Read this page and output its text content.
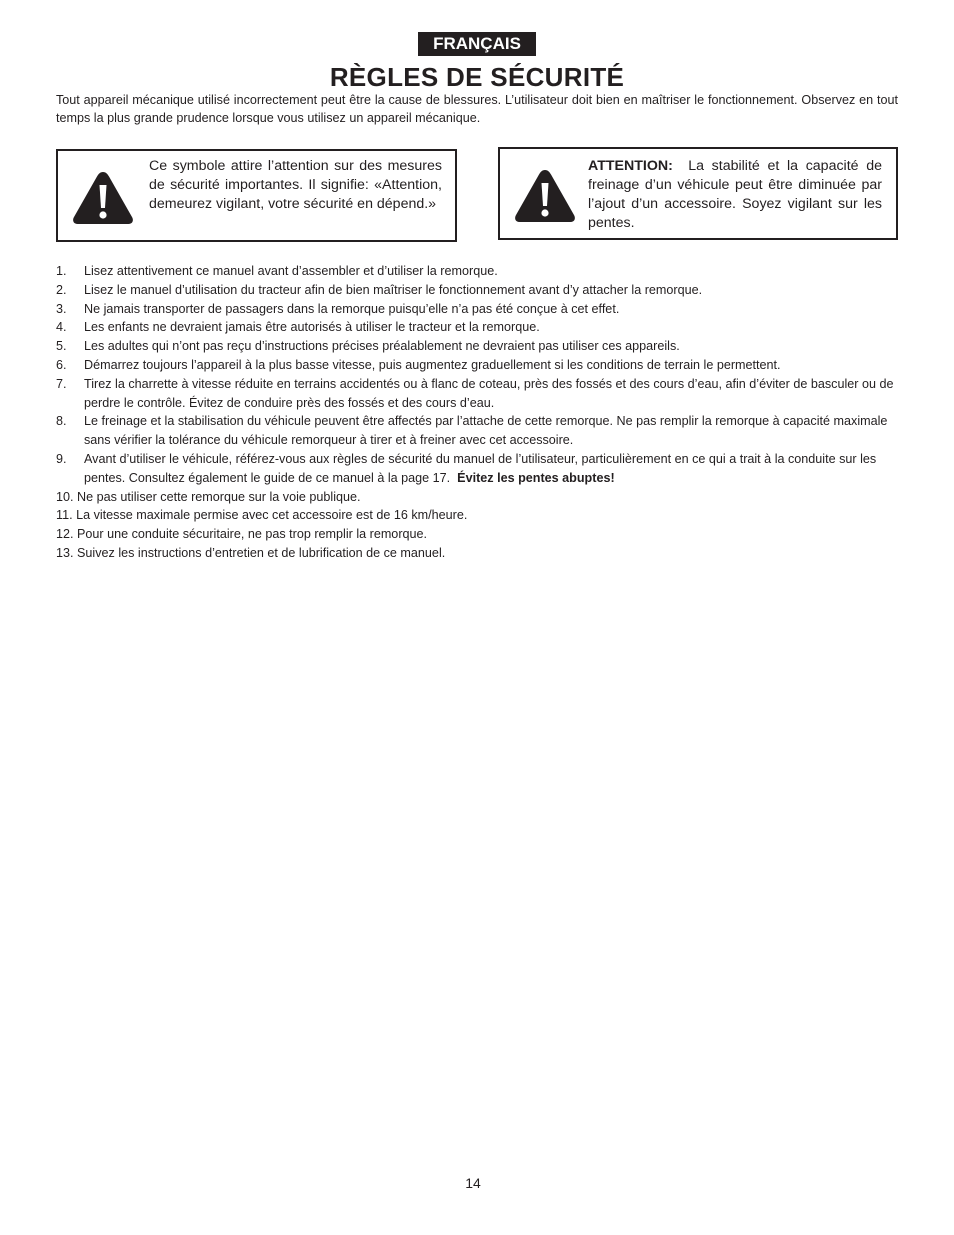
FRANÇAIS
RÈGLES DE SÉCURITÉ
Tout appareil mécanique utilisé incorrectement peut être la cause de blessures. L’utilisateur doit bien en maîtriser le fonctionnement. Observez en tout temps la plus grande prudence lorsque vous utilisez un appareil mécanique.
Ce symbole attire l’attention sur des mesures de sécurité importantes. Il signifie: «Attention, demeurez vigilant, votre sécurité en dépend.»
ATTENTION: La stabilité et la capacité de freinage d’un véhicule peut être diminuée par l’ajout d’un accessoire. Soyez vigilant sur les pentes.
1. Lisez attentivement ce manuel avant d’assembler et d’utiliser la remorque.
2. Lisez le manuel d’utilisation du tracteur afin de bien maîtriser le fonctionnement avant d’y attacher la remorque.
3. Ne jamais transporter de passagers dans la remorque puisqu’elle n’a pas été conçue à cet effet.
4. Les enfants ne devraient jamais être autorisés à utiliser le tracteur et la remorque.
5. Les adultes qui n’ont pas reçu d’instructions précises préalablement ne devraient pas utiliser ces appareils.
6. Démarrez toujours l’appareil à la plus basse vitesse, puis augmentez graduellement si les conditions de terrain le permettent.
7. Tirez la charrette à vitesse réduite en terrains accidentés ou à flanc de coteau, près des fossés et des cours d’eau, afin d’éviter de basculer ou de perdre le contrôle. Évitez de conduire près des fossés et des cours d’eau.
8. Le freinage et la stabilisation du véhicule peuvent être affectés par l’attache de cette remorque. Ne pas remplir la remorque à capacité maximale sans vérifier la tolérance du véhicule remorqueur à tirer et à freiner avec cet accessoire.
9. Avant d’utiliser le véhicule, référez-vous aux règles de sécurité du manuel de l’utilisateur, particulièrement en ce qui a trait à la conduite sur les pentes. Consultez également le guide de ce manuel à la page 17. Évitez les pentes abuptes!
10. Ne pas utiliser cette remorque sur la voie publique.
11. La vitesse maximale permise avec cet accessoire est de 16 km/heure.
12. Pour une conduite sécuritaire, ne pas trop remplir la remorque.
13. Suivez les instructions d’entretien et de lubrification de ce manuel.
14
